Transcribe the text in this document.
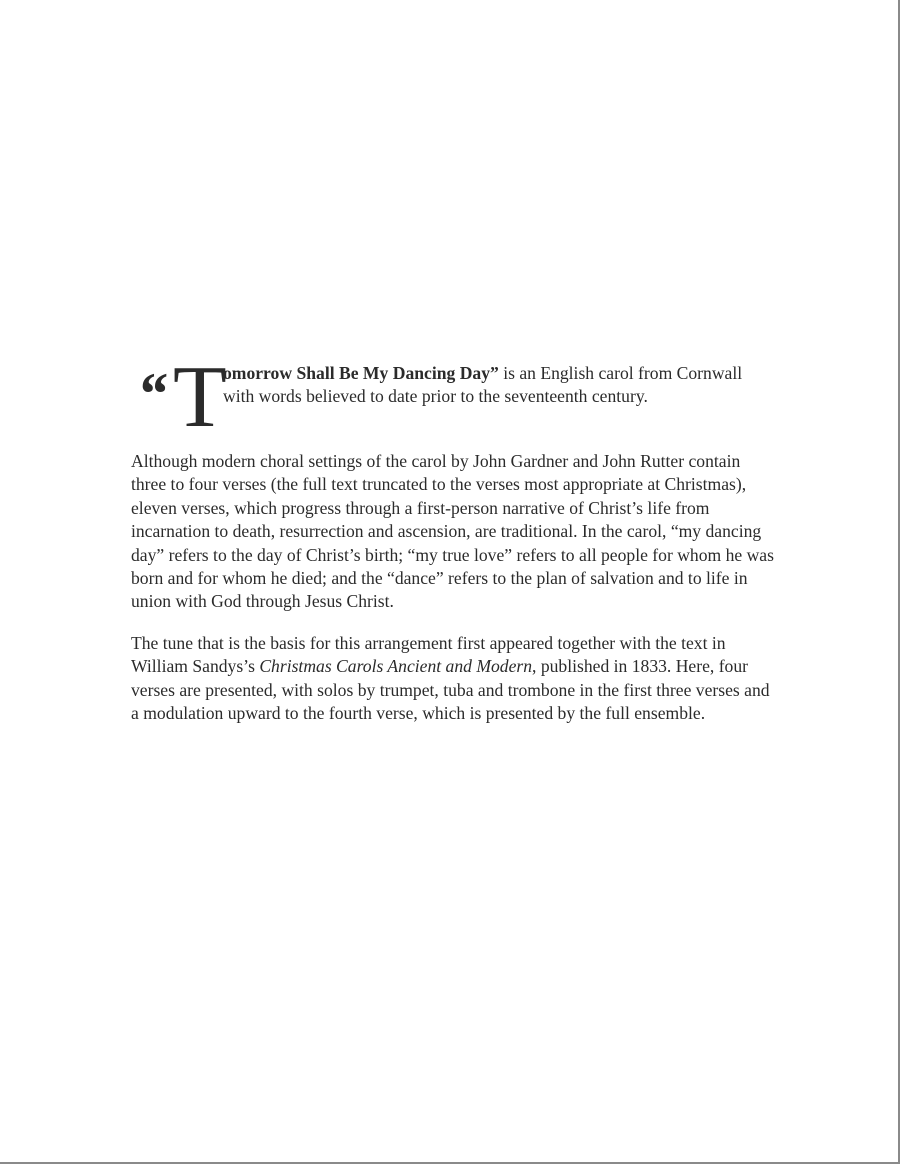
“ T
omorrow Shall Be My Dancing Day” is an English carol from Cornwall with words believed to date prior to the seventeenth century.

Although modern choral settings of the carol by John Gardner and John Rutter contain three to four verses (the full text truncated to the verses most appropriate at Christmas), eleven verses, which progress through a first-person narrative of Christ’s life from incarnation to death, resurrection and ascension, are traditional. In the carol, “my dancing day” refers to the day of Christ’s birth; “my true love” refers to all people for whom he was born and for whom he died; and the “dance” refers to the plan of salvation and to life in union with God through Jesus Christ.

The tune that is the basis for this arrangement first appeared together with the text in William Sandys’s Christmas Carols Ancient and Modern, published in 1833. Here, four verses are presented, with solos by trumpet, tuba and trombone in the first three verses and a modulation upward to the fourth verse, which is presented by the full ensemble.
